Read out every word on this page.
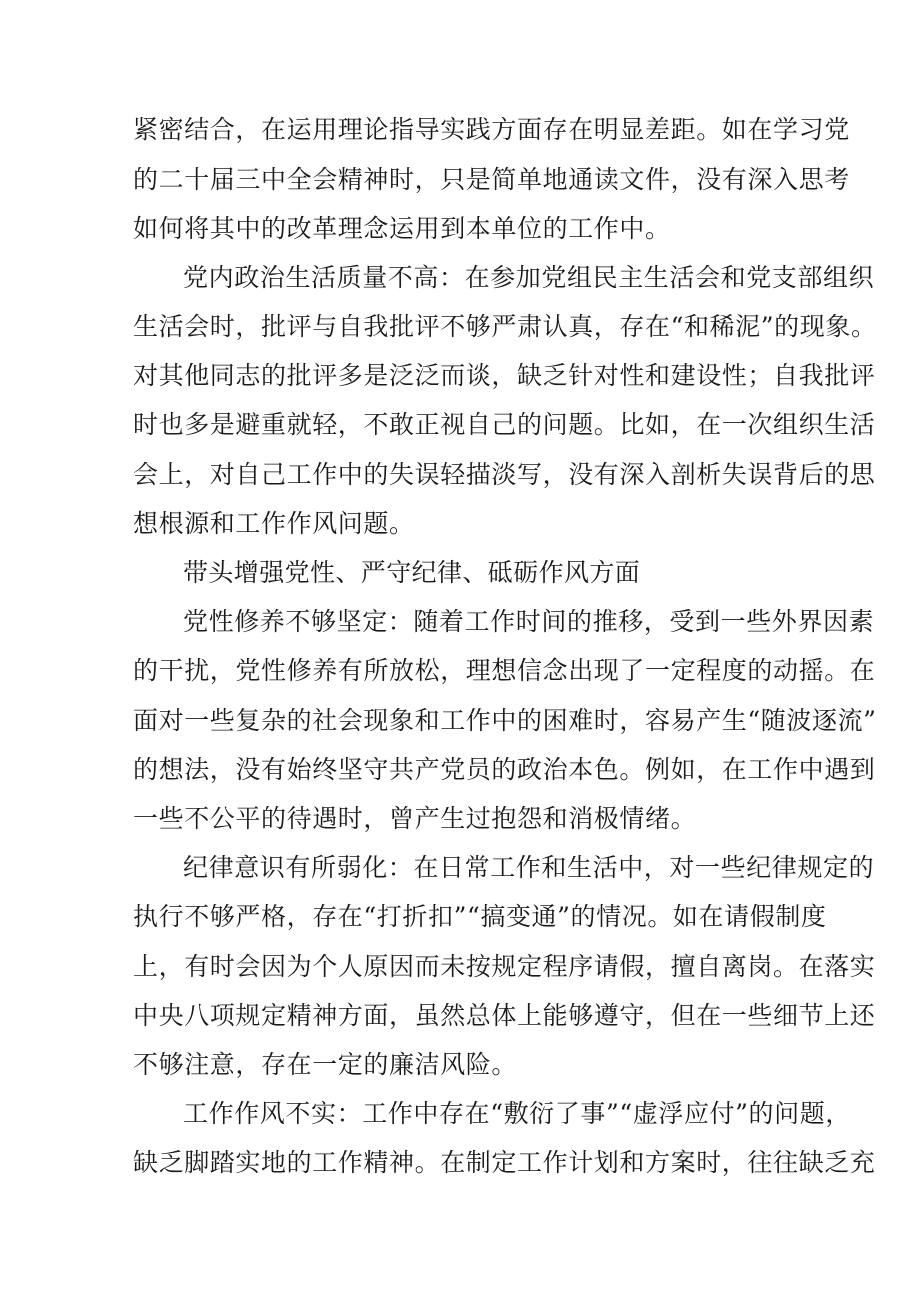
紧密结合，在运用理论指导实践方面存在明显差距。如在学习党
的二十届三中全会精神时，只是简单地通读文件，没有深入思考
如何将其中的改革理念运用到本单位的工作中。
党内政治生活质量不高：在参加党组民主生活会和党支部组织
生活会时，批评与自我批评不够严肃认真，存在“和稀泥”的现象。
对其他同志的批评多是泛泛而谈，缺乏针对性和建设性；自我批评
时也多是避重就轻，不敢正视自己的问题。比如，在一次组织生活
会上，对自己工作中的失误轻描淡写，没有深入剖析失误背后的思
想根源和工作作风问题。
带头增强党性、严守纪律、砥砺作风方面
党性修养不够坚定：随着工作时间的推移，受到一些外界因素
的干扰，党性修养有所放松，理想信念出现了一定程度的动摇。在
面对一些复杂的社会现象和工作中的困难时，容易产生“随波逐流”
的想法，没有始终坚守共产党员的政治本色。例如，在工作中遇到
一些不公平的待遇时，曾产生过抱怨和消极情绪。
纪律意识有所弱化：在日常工作和生活中，对一些纪律规定的
执行不够严格，存在“打折扣”“搞变通”的情况。如在请假制度
上，有时会因为个人原因而未按规定程序请假，擅自离岗。在落实
中央八项规定精神方面，虽然总体上能够遵守，但在一些细节上还
不够注意，存在一定的廉洁风险。
工作作风不实：工作中存在“敷衍了事”“虚浮应付”的问题，
缺乏脚踏实地的工作精神。在制定工作计划和方案时，往往缺乏充
